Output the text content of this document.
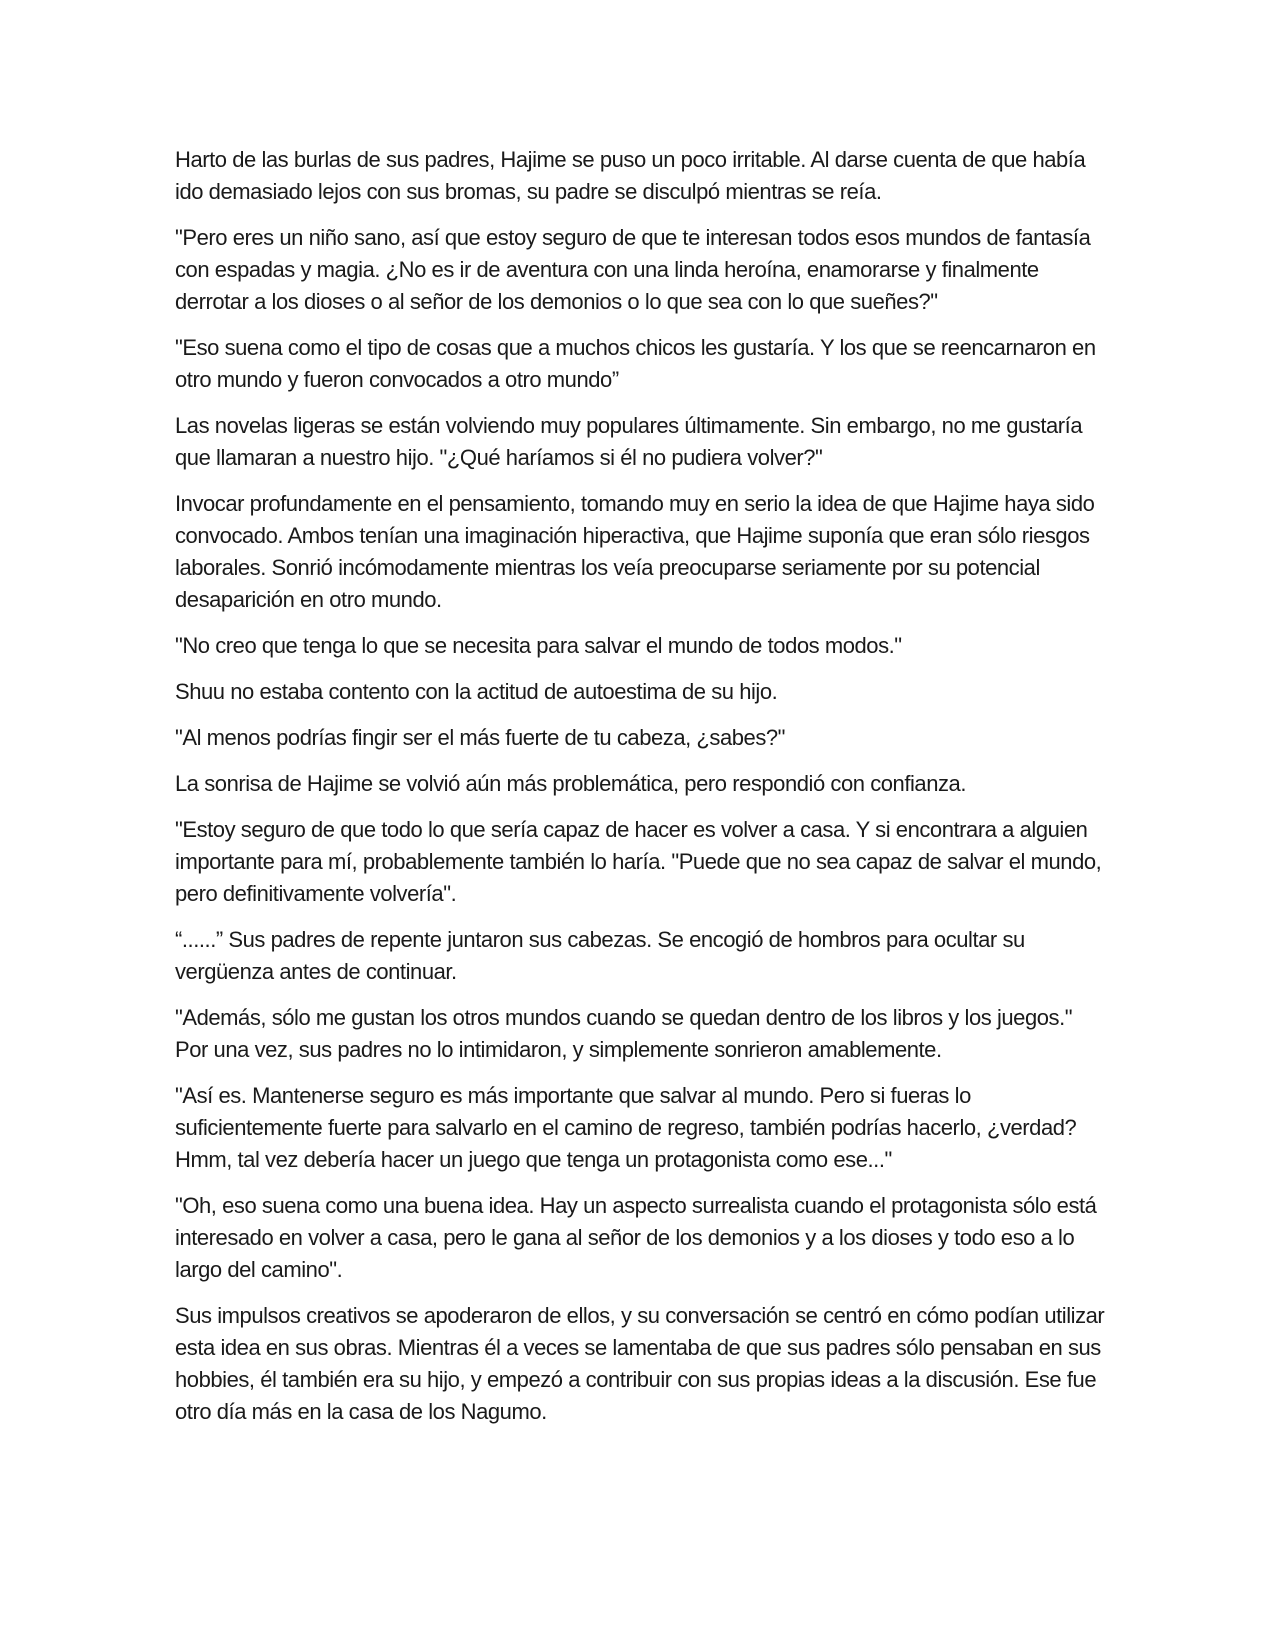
Harto de las burlas de sus padres, Hajime se puso un poco irritable. Al darse cuenta de que había ido demasiado lejos con sus bromas, su padre se disculpó mientras se reía.

"Pero eres un niño sano, así que estoy seguro de que te interesan todos esos mundos de fantasía con espadas y magia. ¿No es ir de aventura con una linda heroína, enamorarse y finalmente derrotar a los dioses o al señor de los demonios o lo que sea con lo que sueñes?"

"Eso suena como el tipo de cosas que a muchos chicos les gustaría. Y los que se reencarnaron en otro mundo y fueron convocados a otro mundo”

Las novelas ligeras se están volviendo muy populares últimamente. Sin embargo, no me gustaría que llamaran a nuestro hijo. "¿Qué haríamos si él no pudiera volver?"

Invocar profundamente en el pensamiento, tomando muy en serio la idea de que Hajime haya sido convocado. Ambos tenían una imaginación hiperactiva, que Hajime suponía que eran sólo riesgos laborales. Sonrió incómodamente mientras los veía preocuparse seriamente por su potencial desaparición en otro mundo.

"No creo que tenga lo que se necesita para salvar el mundo de todos modos."

Shuu no estaba contento con la actitud de autoestima de su hijo.

"Al menos podrías fingir ser el más fuerte de tu cabeza, ¿sabes?"

La sonrisa de Hajime se volvió aún más problemática, pero respondió con confianza.

"Estoy seguro de que todo lo que sería capaz de hacer es volver a casa. Y si encontrara a alguien importante para mí, probablemente también lo haría. "Puede que no sea capaz de salvar el mundo, pero definitivamente volvería".

“......” Sus padres de repente juntaron sus cabezas. Se encogió de hombros para ocultar su vergüenza antes de continuar.

"Además, sólo me gustan los otros mundos cuando se quedan dentro de los libros y los juegos." Por una vez, sus padres no lo intimidaron, y simplemente sonrieron amablemente.

"Así es. Mantenerse seguro es más importante que salvar al mundo. Pero si fueras lo suficientemente fuerte para salvarlo en el camino de regreso, también podrías hacerlo, ¿verdad? Hmm, tal vez debería hacer un juego que tenga un protagonista como ese..."

"Oh, eso suena como una buena idea. Hay un aspecto surrealista cuando el protagonista sólo está interesado en volver a casa, pero le gana al señor de los demonios y a los dioses y todo eso a lo largo del camino".

Sus impulsos creativos se apoderaron de ellos, y su conversación se centró en cómo podían utilizar esta idea en sus obras. Mientras él a veces se lamentaba de que sus padres sólo pensaban en sus hobbies, él también era su hijo, y empezó a contribuir con sus propias ideas a la discusión. Ese fue otro día más en la casa de los Nagumo.
